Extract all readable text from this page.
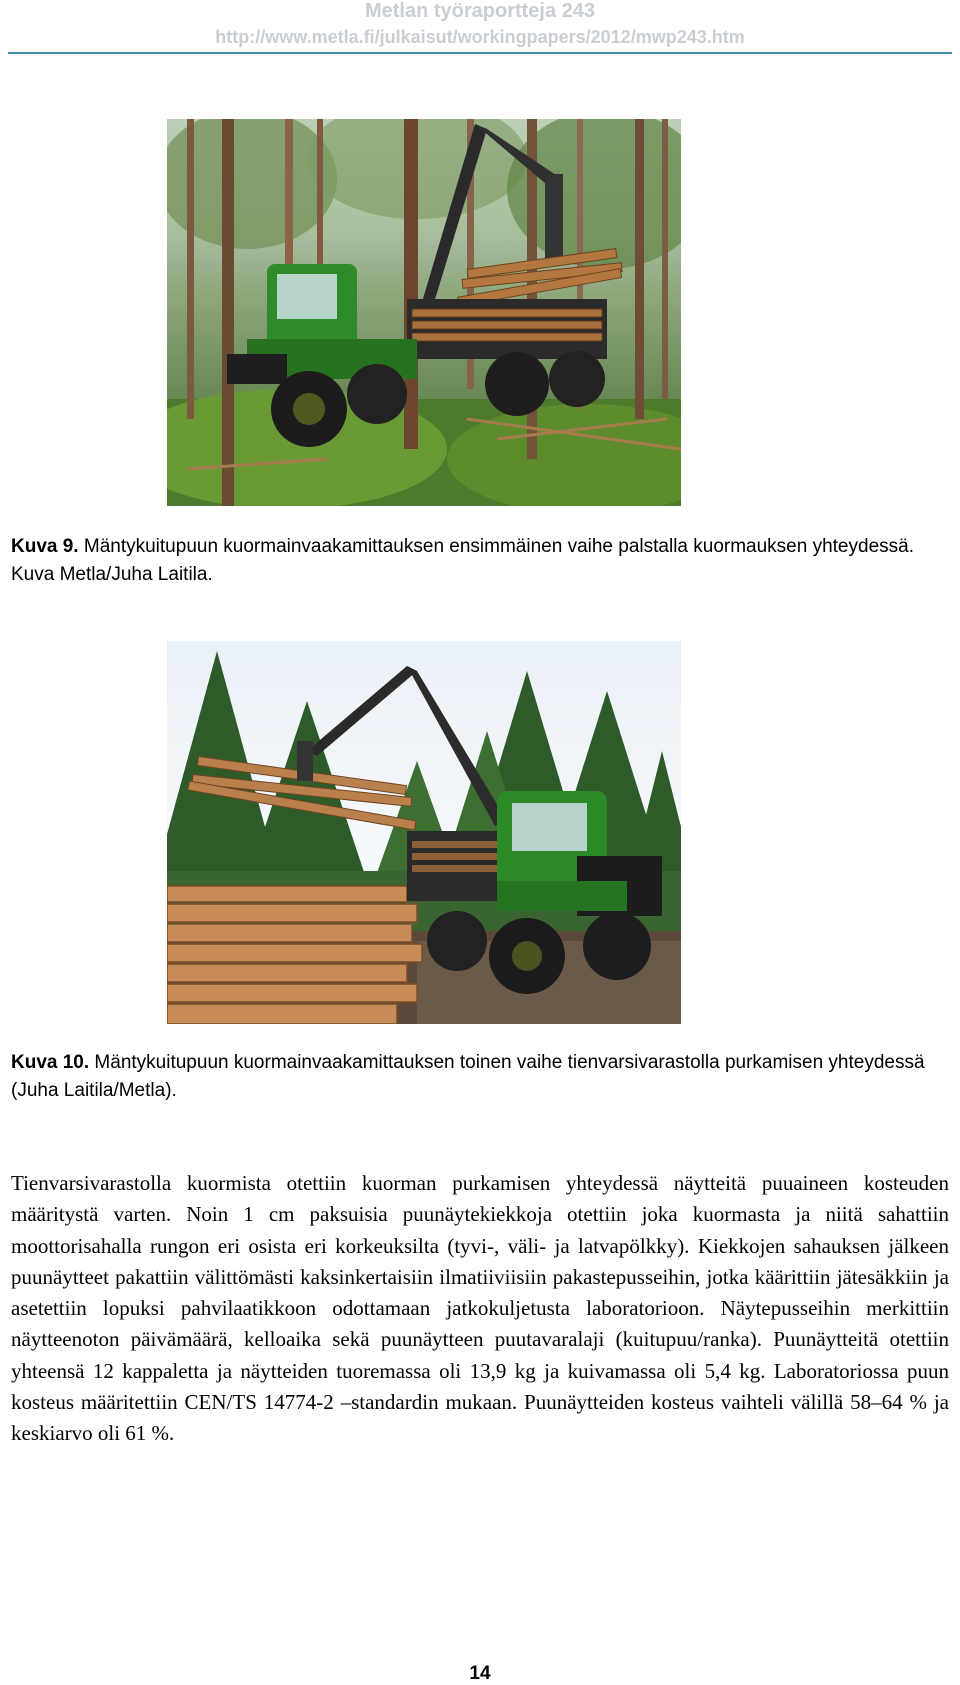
Metlan työraportteja 243
http://www.metla.fi/julkaisut/workingpapers/2012/mwp243.htm
Kuva 9. Mäntykuitupuun kuormainvaakamittauksen ensimmäinen vaihe palstalla kuormauksen yhteydessä. Kuva Metla/Juha Laitila.
Kuva 10. Mäntykuitupuun kuormainvaakamittauksen toinen vaihe tienvarsivarastolla purkamisen yhteydessä (Juha Laitila/Metla).
Tienvarsivarastolla kuormista otettiin kuorman purkamisen yhteydessä näytteitä puuaineen kosteuden määritystä varten. Noin 1 cm paksuisia puunäytekiekkoja otettiin joka kuormasta ja niitä sahattiin moottorisahalla rungon eri osista eri korkeuksilta (tyvi-, väli- ja latvapölkky). Kiekkojen sahauksen jälkeen puunäytteet pakattiin välittömästi kaksinkertaisiin ilmatiiviisiin pakastepusseihin, jotka käärittiin jätesäkkiin ja asetettiin lopuksi pahvilaatikkoon odottamaan jatkokuljetusta laboratorioon. Näytepusseihin merkittiin näytteenoton päivämäärä, kelloaika sekä puunäytteen puutavaralaji (kuitupuu/ranka). Puunäytteitä otettiin yhteensä 12 kappaletta ja näytteiden tuoremassa oli 13,9 kg ja kuivamassa oli 5,4 kg. Laboratoriossa puun kosteus määritettiin CEN/TS 14774-2 –standardin mukaan. Puunäytteiden kosteus vaihteli välillä 58–64 % ja keskiarvo oli 61 %.
14
